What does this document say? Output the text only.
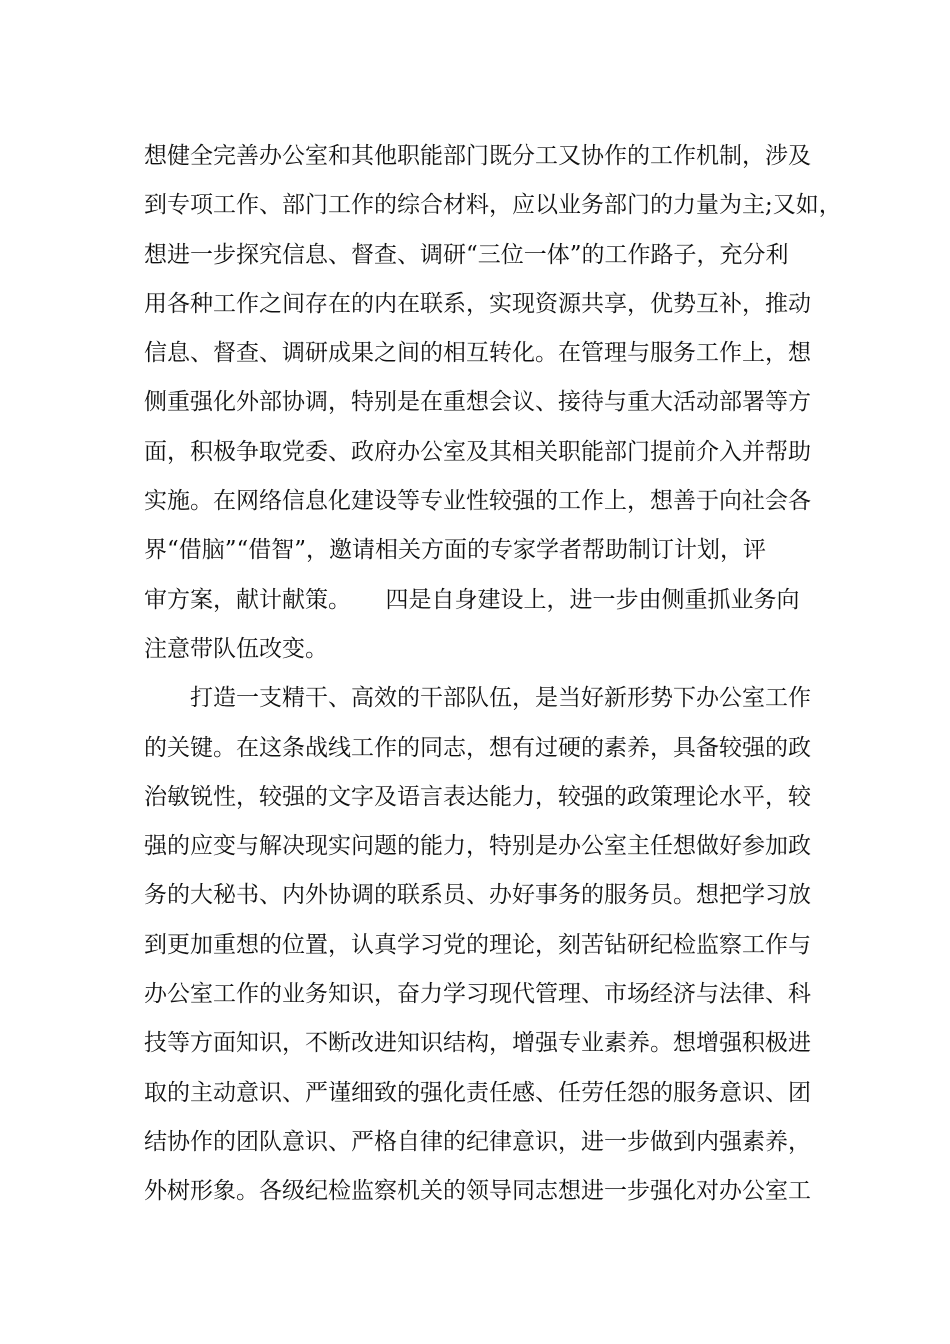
想健全完善办公室和其他职能部门既分工又协作的工作机制，涉及
到专项工作、部门工作的综合材料，应以业务部门的力量为主;又如，
想进一步探究信息、督查、调研“三位一体”的工作路子，充分利
用各种工作之间存在的内在联系，实现资源共享，优势互补，推动
信息、督查、调研成果之间的相互转化。在管理与服务工作上，想
侧重强化外部协调，特别是在重想会议、接待与重大活动部署等方
面，积极争取党委、政府办公室及其相关职能部门提前介入并帮助
实施。在网络信息化建设等专业性较强的工作上，想善于向社会各
界“借脑”“借智”，邀请相关方面的专家学者帮助制订计划，评
审方案，献计献策。　　四是自身建设上，进一步由侧重抓业务向
注意带队伍改变。
　　打造一支精干、高效的干部队伍，是当好新形势下办公室工作
的关键。在这条战线工作的同志，想有过硬的素养，具备较强的政
治敏锐性，较强的文字及语言表达能力，较强的政策理论水平，较
强的应变与解决现实问题的能力，特别是办公室主任想做好参加政
务的大秘书、内外协调的联系员、办好事务的服务员。想把学习放
到更加重想的位置，认真学习党的理论，刻苦钻研纪检监察工作与
办公室工作的业务知识，奋力学习现代管理、市场经济与法律、科
技等方面知识，不断改进知识结构，增强专业素养。想增强积极进
取的主动意识、严谨细致的强化责任感、任劳任怨的服务意识、团
结协作的团队意识、严格自律的纪律意识，进一步做到内强素养，
外树形象。各级纪检监察机关的领导同志想进一步强化对办公室工
